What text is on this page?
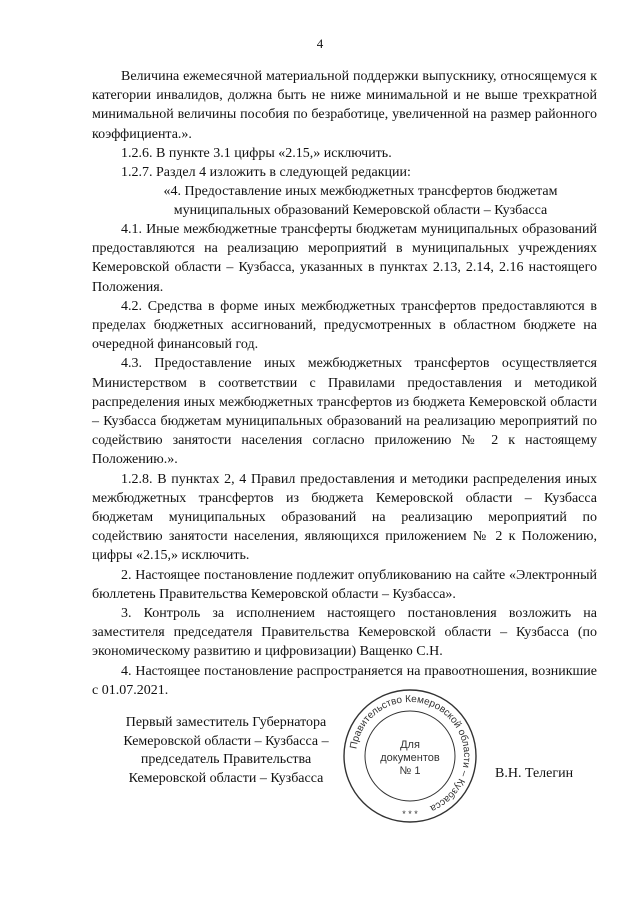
4

Величина ежемесячной материальной поддержки выпускнику, относящемуся к категории инвалидов, должна быть не ниже минимальной и не выше трехкратной минимальной величины пособия по безработице, увеличенной на размер районного коэффициента.».

1.2.6. В пункте 3.1 цифры «2.15,» исключить.

1.2.7. Раздел 4 изложить в следующей редакции:

«4. Предоставление иных межбюджетных трансфертов бюджетам муниципальных образований Кемеровской области – Кузбасса

4.1. Иные межбюджетные трансферты бюджетам муниципальных образований предоставляются на реализацию мероприятий в муниципальных учреждениях Кемеровской области – Кузбасса, указанных в пунктах 2.13, 2.14, 2.16 настоящего Положения.

4.2. Средства в форме иных межбюджетных трансфертов предоставляются в пределах бюджетных ассигнований, предусмотренных в областном бюджете на очередной финансовый год.

4.3. Предоставление иных межбюджетных трансфертов осуществляется Министерством в соответствии с Правилами предоставления и методикой распределения иных межбюджетных трансфертов из бюджета Кемеровской области – Кузбасса бюджетам муниципальных образований на реализацию мероприятий по содействию занятости населения согласно приложению № 2 к настоящему Положению.».

1.2.8. В пунктах 2, 4 Правил предоставления и методики распределения иных межбюджетных трансфертов из бюджета Кемеровской области – Кузбасса бюджетам муниципальных образований на реализацию мероприятий по содействию занятости населения, являющихся приложением № 2 к Положению, цифры «2.15,» исключить.

2. Настоящее постановление подлежит опубликованию на сайте «Электронный бюллетень Правительства Кемеровской области – Кузбасса».

3. Контроль за исполнением настоящего постановления возложить на заместителя председателя Правительства Кемеровской области – Кузбасса (по экономическому развитию и цифровизации) Ващенко С.Н.

4. Настоящее постановление распространяется на правоотношения, возникшие с 01.07.2021.

Первый заместитель Губернатора
Кемеровской области – Кузбасса –
председатель Правительства
Кемеровской области – Кузбасса	В.Н. Телегин
Правительство Кемеровской области – Кузбасса
Для
документов
№ 1
* * *
